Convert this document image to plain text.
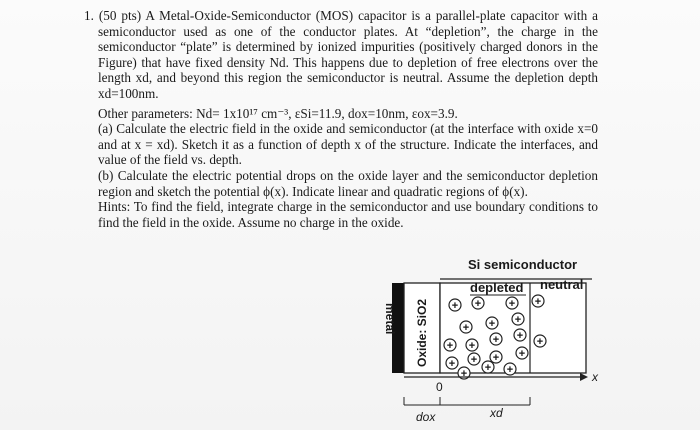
1. (50 pts) A Metal-Oxide-Semiconductor (MOS) capacitor is a parallel-plate capacitor with a semiconductor used as one of the conductor plates. At “depletion”, the charge in the semiconductor “plate” is determined by ionized impurities (positively charged donors in the Figure) that have fixed density Nd. This happens due to depletion of free electrons over the length xd, and beyond this region the semiconductor is neutral. Assume the depletion depth xd=100nm.

Other parameters: Nd= 1x10¹⁷ cm⁻³, εSi=11.9, dox=10nm, εox=3.9.

(a) Calculate the electric field in the oxide and semiconductor (at the interface with oxide x=0 and at x = xd). Sketch it as a function of depth x of the structure. Indicate the interfaces, and value of the field vs. depth.

(b) Calculate the electric potential drops on the oxide layer and the semiconductor depletion region and sketch the potential ϕ(x). Indicate linear and quadratic regions of ϕ(x).

Hints: To find the field, integrate charge in the semiconductor and use boundary conditions to find the field in the oxide. Assume no charge in the oxide.

Si semiconductor
metal Oxide: SiO2
depleted neutral
+ +	+ +
+ + +
+ + + +
+ + + +
+
+ + +	x
0
dox	xd
